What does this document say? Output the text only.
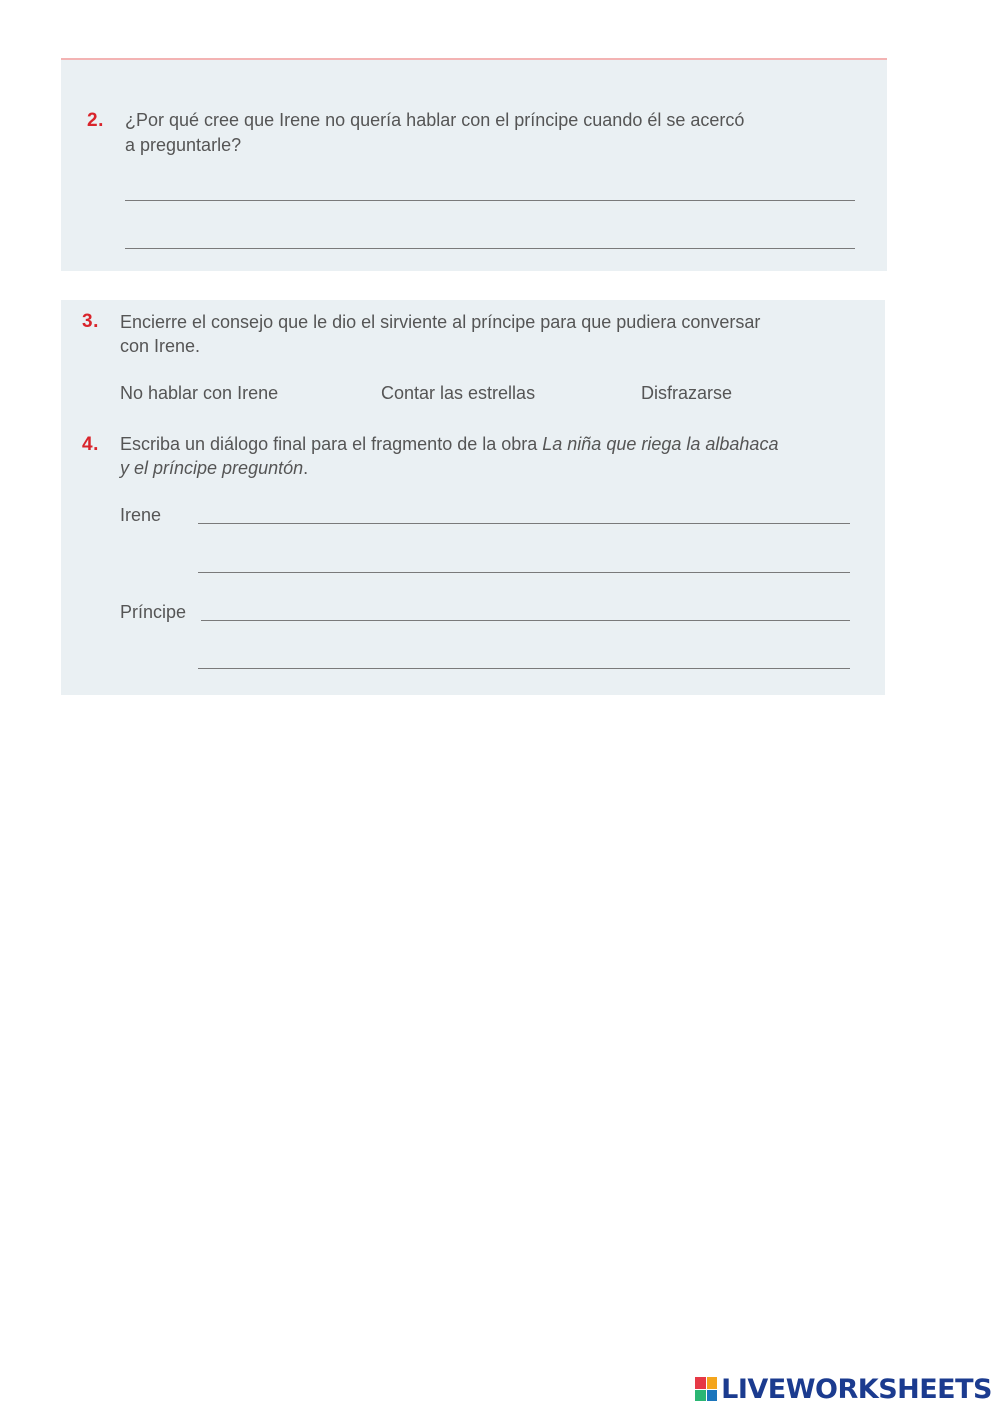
2. ¿Por qué cree que Irene no quería hablar con el príncipe cuando él se acercó
a preguntarle?
3. Encierre el consejo que le dio el sirviente al príncipe para que pudiera conversar
con Irene.
No hablar con Irene	Contar las estrellas	Disfrazarse
4. Escriba un diálogo final para el fragmento de la obra La niña que riega la albahaca
y el príncipe preguntón.
Irene
Príncipe
LIVEWORKSHEETS
